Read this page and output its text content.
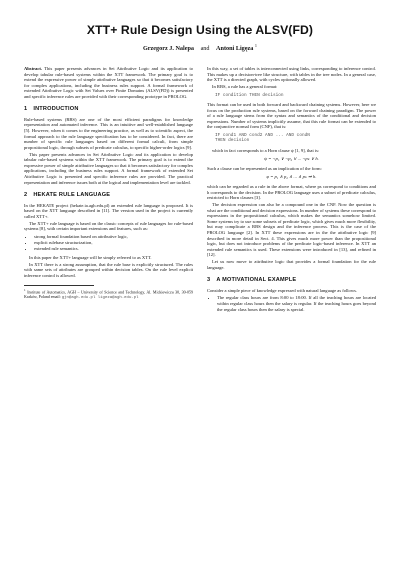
XTT+ Rule Design Using the ALSV(FD)
Grzegorz J. Nalepa and Antoni Ligęza $^1$

Abstract. This paper presents advances in Set Attributive Logic and its application to develop tabular rule-based systems within the XTT framework. The primary goal is to extend the expressive power of simple attributive languages so that it becomes satisfactory for complex applications, including the business rules support. A formal framework of extended Attributive Logic with Set Values over Finite Domains (ALSV(FD)) is presented and specific inference rules are provided with their corresponding prototype in PROLOG.

1 INTRODUCTION

Rule-based systems (RBS) are one of the most efficient paradigms for knowledge representation and automated inference. This is an intuitive and well-established language [5]. However, when it comes to the engineering practice, as well as to scientific aspect, the formal approach to the rule language specification has to be considered. In fact, there are number of specific rule languages based on different formal calculi, from simple propositional logic, through subsets of predicate calculus, to specific higher-order logics [9].

This paper presents advances in Set Attributive Logic and its application to develop tabular rule-based systems within the XTT framework. The primary goal is to extend the expressive power of simple attributive languages so that it becomes satisfactory for complex applications, including the business rules support. A formal framework of extended Set Attributive Logic is presented and specific inference rules are provided. The practical representation and inference issues both at the logical and implementation level are tackled.

2 HEKATE RULE LANGUAGE

In the HEKATE project (hekate.ia.agh.edu.pl) an extended rule language is proposed. It is based on the XTT language described in [11]. The version used in the project is currently called XTT+.

The XTT+ rule language is based on the classic concepts of rule languages for rule-based systems [8], with certain important extensions and features, such as:

• strong formal foundation based on attributive logic,
• explicit rulebase structurization,
• extended rule semantics.

In this paper the XTT+ language will be simply referred to as XTT.

In XTT there is a strong assumption, that the rule base is explicitly structured. The rules with same sets of attributes are grouped within decision tables. On the rule level explicit inference control is allowed.

$^1$ Institute of Automatics, AGH – University of Science and Technology, Al. Mickiewicza 30, 30-059 Kraków, Poland email: gjn@agh.edu.pl ligeza@agh.edu.pl

In this way, a set of tables is interconnected using links, corresponding to inference control. This makes up a decision-tree like structure, with tables in the tree nodes. In a general case, the XTT is a directed graph, with cycles optionally allowed.

In RBS, a rule has a general format:

IF condition THEN decision

This format can be used in both forward and backward chaining systems. However, here we focus on the production rule systems, based on the forward chaining paradigm. The power of a rule language stems from the syntax and semantics of the conditional and decision expressions. Number of systems implicitly assume, that this rule format can be extended to the conjunctive normal form (CNF), that is:

IF cond1 AND cond2 AND ... AND condN
THEN decision

which in fact corresponds to a Horn clause ψ [1, 9], that is:

ψ = ¬p₁ ∨ ¬p₂ ∨ ... ¬pₖ ∨ h.

Such a clause can be represented as an implication of the form:

φ = p₁ ∧ p₂ ∧ ... ∧ pₖ ⇒ h.

which can be regarded as a rule in the above format, where ps correspond to conditions and h corresponds to the decision. In the PROLOG language uses a subset of predicate calculus, restricted to Horn clauses [3].

The decision expression can also be a compound one in the CNF. Now the question is what are the conditional and decision expressions. In number of systems these correspond to expressions in the propositional calculus, which makes the semantics somehow limited. Some systems try to use some subsets of predicate logic, which gives much more flexibility, but may complicate a RBS design and the inference process. This is the case of the PROLOG language [2]. In XTT these expressions are in the the attributive logic [9] described in more detail in Sect. 4. This gives much more power than the propositional logic, but does not introduce problems of the predicate logic-based inference. In XTT an extended rule semantics is used. These extensions were introduced in [13], and refined in [12].

Let us now move to attributive logic that provides a formal foundation for the rule language.

3 A MOTIVATIONAL EXAMPLE

Consider a simple piece of knowledge expressed with natural language as follows.

• The regular class hours are from 8:00 to 18:00. If all the teaching hours are located within regular class hours then the salary is regular. If the teaching hours goes beyond the regular class hours then the salary is special.
